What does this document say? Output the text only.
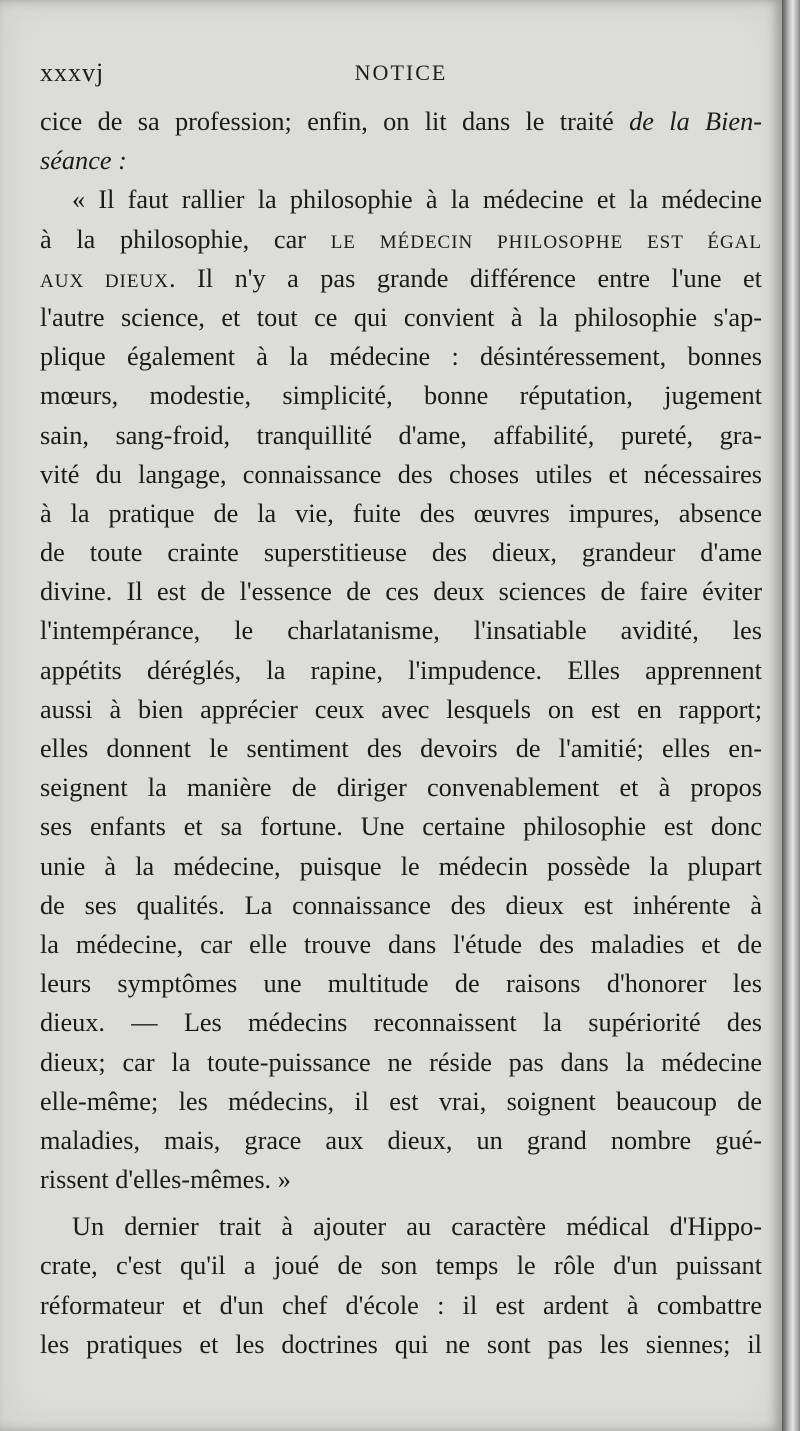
xxxvj	NOTICE
cice de sa profession; enfin, on lit dans le traité de la Bien-
séance :
« Il faut rallier la philosophie à la médecine et la médecine
à la philosophie, car LE MÉDECIN PHILOSOPHE EST ÉGAL
AUX DIEUX. Il n'y a pas grande différence entre l'une et
l'autre science, et tout ce qui convient à la philosophie s'ap-
plique également à la médecine : désintéressement, bonnes
mœurs, modestie, simplicité, bonne réputation, jugement
sain, sang-froid, tranquillité d'ame, affabilité, pureté, gra-
vité du langage, connaissance des choses utiles et nécessaires
à la pratique de la vie, fuite des œuvres impures, absence
de toute crainte superstitieuse des dieux, grandeur d'ame
divine. Il est de l'essence de ces deux sciences de faire éviter
l'intempérance, le charlatanisme, l'insatiable avidité, les
appétits déréglés, la rapine, l'impudence. Elles apprennent
aussi à bien apprécier ceux avec lesquels on est en rapport;
elles donnent le sentiment des devoirs de l'amitié; elles en-
seignent la manière de diriger convenablement et à propos
ses enfants et sa fortune. Une certaine philosophie est donc
unie à la médecine, puisque le médecin possède la plupart
de ses qualités. La connaissance des dieux est inhérente à
la médecine, car elle trouve dans l'étude des maladies et de
leurs symptômes une multitude de raisons d'honorer les
dieux. — Les médecins reconnaissent la supériorité des
dieux; car la toute-puissance ne réside pas dans la médecine
elle-même; les médecins, il est vrai, soignent beaucoup de
maladies, mais, grace aux dieux, un grand nombre gué-
rissent d'elles-mêmes. »
Un dernier trait à ajouter au caractère médical d'Hippo-
crate, c'est qu'il a joué de son temps le rôle d'un puissant
réformateur et d'un chef d'école : il est ardent à combattre
les pratiques et les doctrines qui ne sont pas les siennes; il
